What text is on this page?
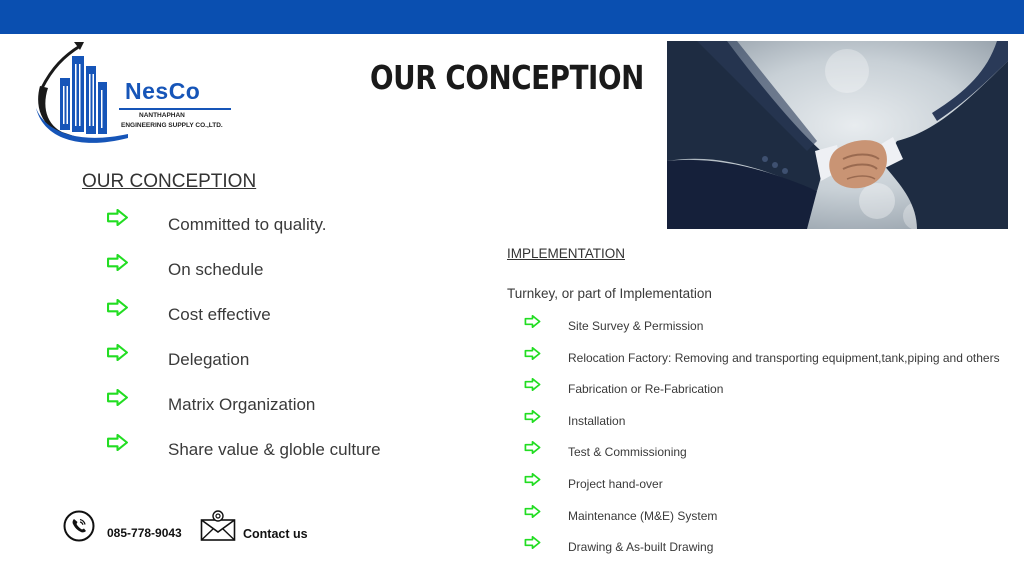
NesCo
NANTHAPHAN
ENGINEERING SUPPLY CO.,LTD.
OUR CONCEPTION
OUR CONCEPTION
Committed to quality.
On schedule
Cost effective
Delegation
Matrix Organization
Share value & globle culture
IMPLEMENTATION
Turnkey, or part of Implementation
Site Survey & Permission
Relocation Factory: Removing and transporting equipment,tank,piping and others
Fabrication or Re-Fabrication
Installation
Test & Commissioning
Project hand-over
Maintenance (M&E) System
Drawing & As-built Drawing
085-778-9043	Contact us
